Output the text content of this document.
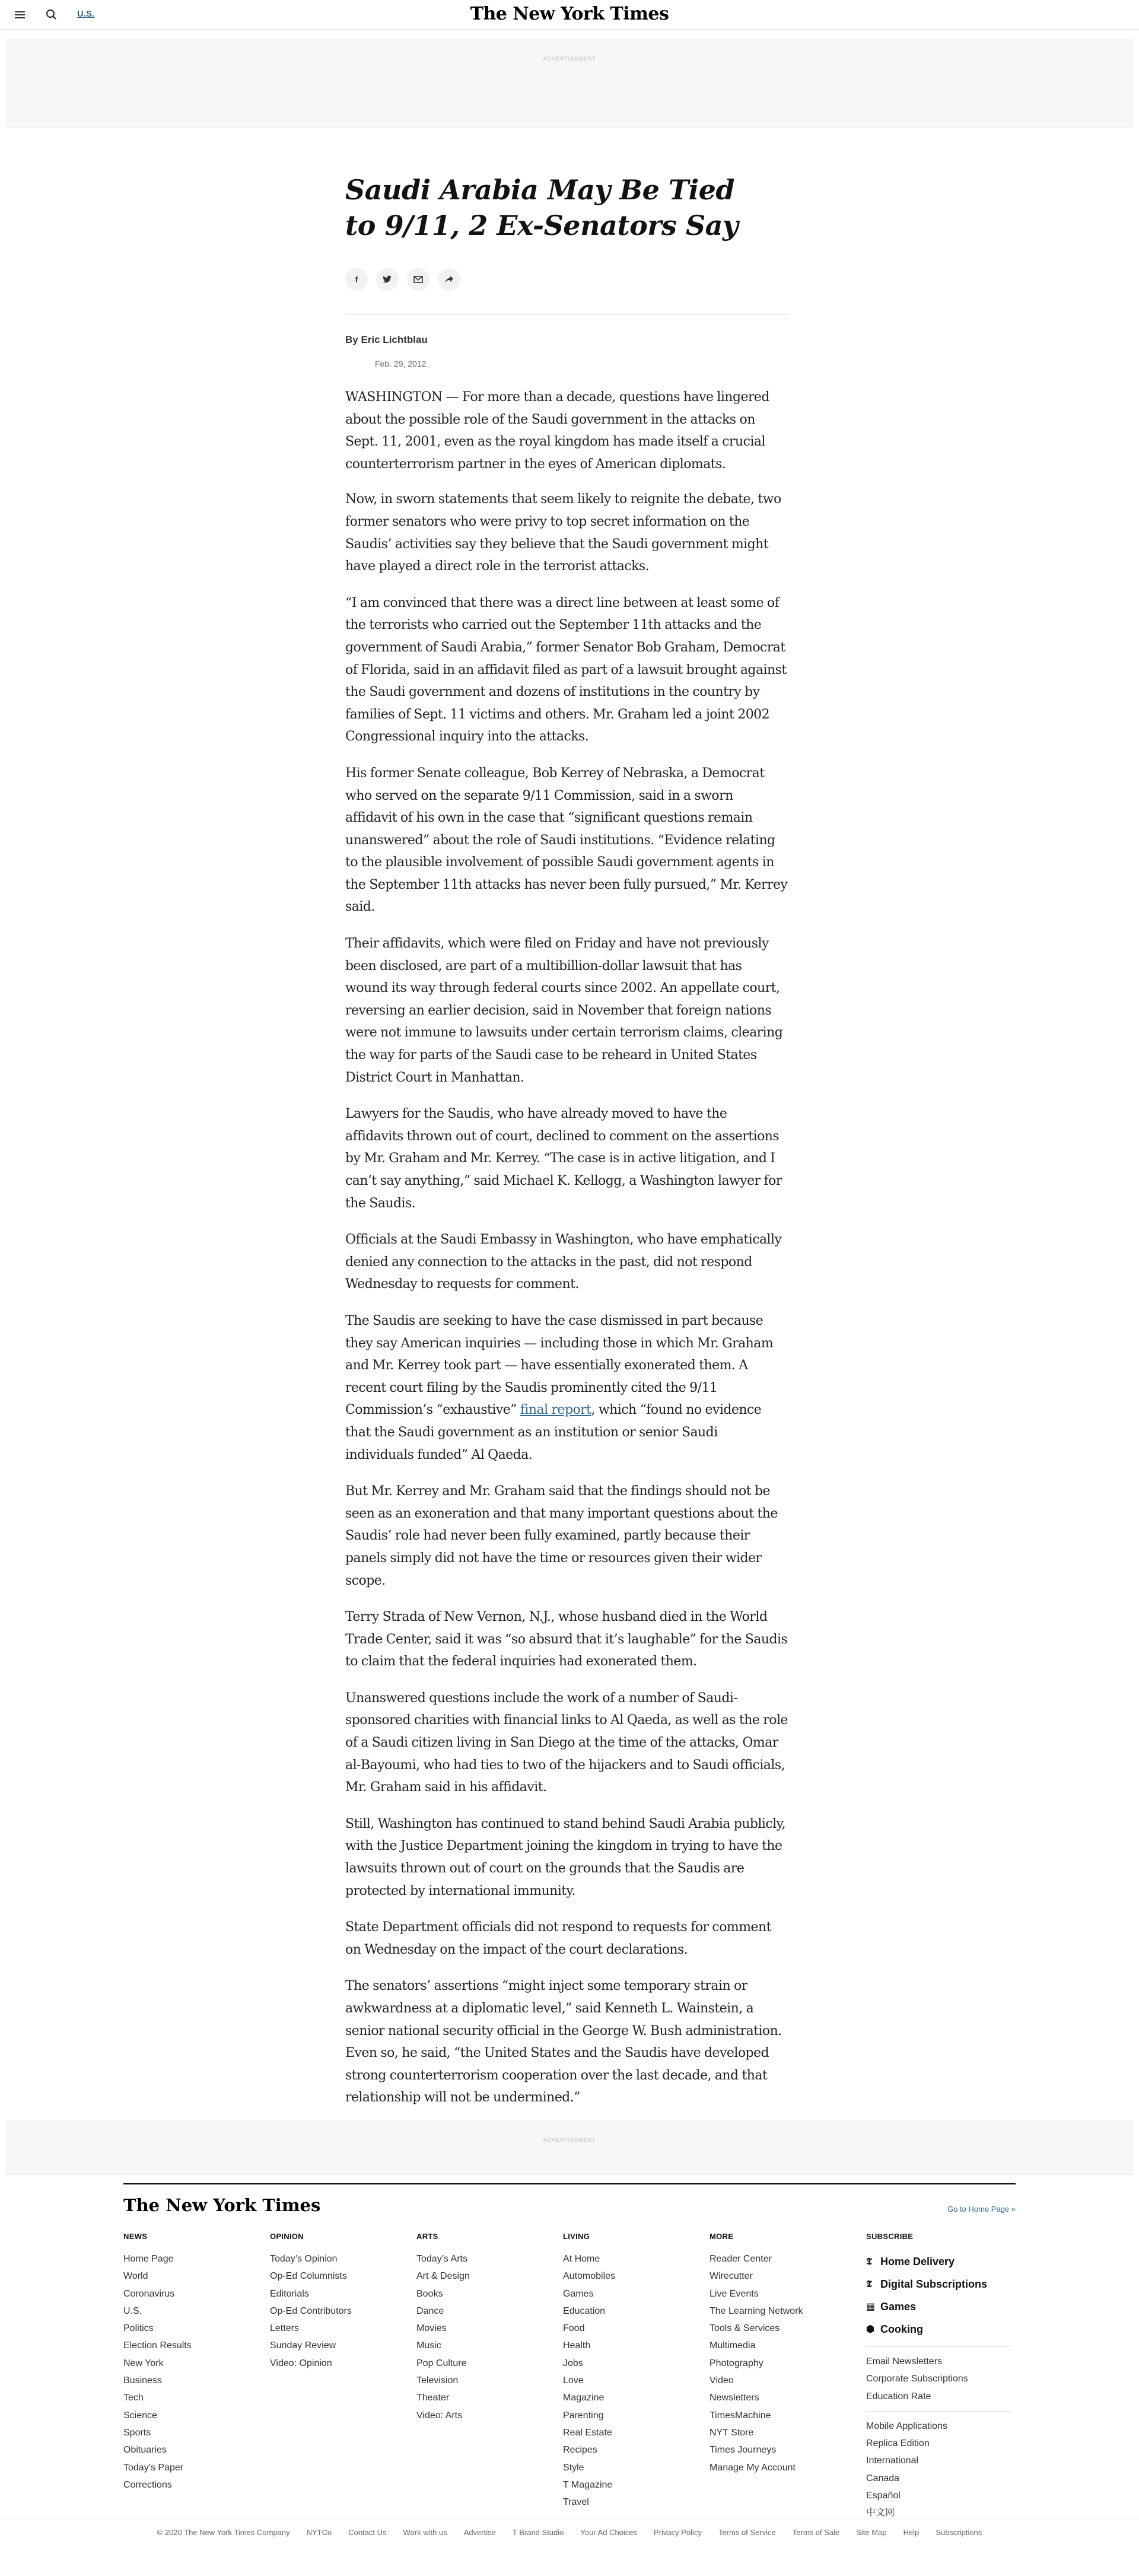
U.S.	The New York Times
ADVERTISEMENT
Saudi Arabia May Be Tied to 9/11, 2 Ex-Senators Say
f
By Eric Lichtblau
Feb. 29, 2012

WASHINGTON — For more than a decade, questions have lingered about the possible role of the Saudi government in the attacks on Sept. 11, 2001, even as the royal kingdom has made itself a crucial counterterrorism partner in the eyes of American diplomats.

Now, in sworn statements that seem likely to reignite the debate, two former senators who were privy to top secret information on the Saudis’ activities say they believe that the Saudi government might have played a direct role in the terrorist attacks.

“I am convinced that there was a direct line between at least some of the terrorists who carried out the September 11th attacks and the government of Saudi Arabia,” former Senator Bob Graham, Democrat of Florida, said in an affidavit filed as part of a lawsuit brought against the Saudi government and dozens of institutions in the country by families of Sept. 11 victims and others. Mr. Graham led a joint 2002 Congressional inquiry into the attacks.

His former Senate colleague, Bob Kerrey of Nebraska, a Democrat who served on the separate 9/11 Commission, said in a sworn affidavit of his own in the case that “significant questions remain unanswered” about the role of Saudi institutions. “Evidence relating to the plausible involvement of possible Saudi government agents in the September 11th attacks has never been fully pursued,” Mr. Kerrey said.

Their affidavits, which were filed on Friday and have not previously been disclosed, are part of a multibillion-dollar lawsuit that has wound its way through federal courts since 2002. An appellate court, reversing an earlier decision, said in November that foreign nations were not immune to lawsuits under certain terrorism claims, clearing the way for parts of the Saudi case to be reheard in United States District Court in Manhattan.

Lawyers for the Saudis, who have already moved to have the affidavits thrown out of court, declined to comment on the assertions by Mr. Graham and Mr. Kerrey. “The case is in active litigation, and I can’t say anything,” said Michael K. Kellogg, a Washington lawyer for the Saudis.

Officials at the Saudi Embassy in Washington, who have emphatically denied any connection to the attacks in the past, did not respond Wednesday to requests for comment.

The Saudis are seeking to have the case dismissed in part because they say American inquiries — including those in which Mr. Graham and Mr. Kerrey took part — have essentially exonerated them. A recent court filing by the Saudis prominently cited the 9/11 Commission’s “exhaustive” final report, which “found no evidence that the Saudi government as an institution or senior Saudi individuals funded” Al Qaeda.

But Mr. Kerrey and Mr. Graham said that the findings should not be seen as an exoneration and that many important questions about the Saudis’ role had never been fully examined, partly because their panels simply did not have the time or resources given their wider scope.

Terry Strada of New Vernon, N.J., whose husband died in the World Trade Center, said it was “so absurd that it’s laughable” for the Saudis to claim that the federal inquiries had exonerated them.

Unanswered questions include the work of a number of Saudi-sponsored charities with financial links to Al Qaeda, as well as the role of a Saudi citizen living in San Diego at the time of the attacks, Omar al-Bayoumi, who had ties to two of the hijackers and to Saudi officials, Mr. Graham said in his affidavit.

Still, Washington has continued to stand behind Saudi Arabia publicly, with the Justice Department joining the kingdom in trying to have the lawsuits thrown out of court on the grounds that the Saudis are protected by international immunity.

State Department officials did not respond to requests for comment on Wednesday on the impact of the court declarations.

The senators’ assertions “might inject some temporary strain or awkwardness at a diplomatic level,” said Kenneth L. Wainstein, a senior national security official in the George W. Bush administration. Even so, he said, “the United States and the Saudis have developed strong counterterrorism cooperation over the last decade, and that relationship will not be undermined.”

ADVERTISEMENT
The New York Times	Go to Home Page »
NEWS
Home Page
World
Coronavirus
U.S.
Politics
Election Results
New York
Business
Tech
Science
Sports
Obituaries
Today’s Paper
Corrections
OPINION
Today’s Opinion
Op-Ed Columnists
Editorials
Op-Ed Contributors
Letters
Sunday Review
Video: Opinion
ARTS
Today’s Arts
Art & Design
Books
Dance
Movies
Music
Pop Culture
Television
Theater
Video: Arts
LIVING
At Home
Automobiles
Games
Education
Food
Health
Jobs
Love
Magazine
Parenting
Real Estate
Recipes
Style
T Magazine
Travel
MORE
Reader Center
Wirecutter
Live Events
The Learning Network
Tools & Services
Multimedia
Photography
Video
Newsletters
TimesMachine
NYT Store
Times Journeys
Manage My Account
SUBSCRIBE
𝕿 Home Delivery
𝕿 Digital Subscriptions
▦ Games
⬢ Cooking
Email Newsletters
Corporate Subscriptions
Education Rate
Mobile Applications
Replica Edition
International
Canada
Español
中文网
© 2020 The New York Times Company NYTCo Contact Us Work with us Advertise T Brand Studio Your Ad Choices Privacy Policy Terms of Service Terms of Sale Site Map Help Subscriptions
